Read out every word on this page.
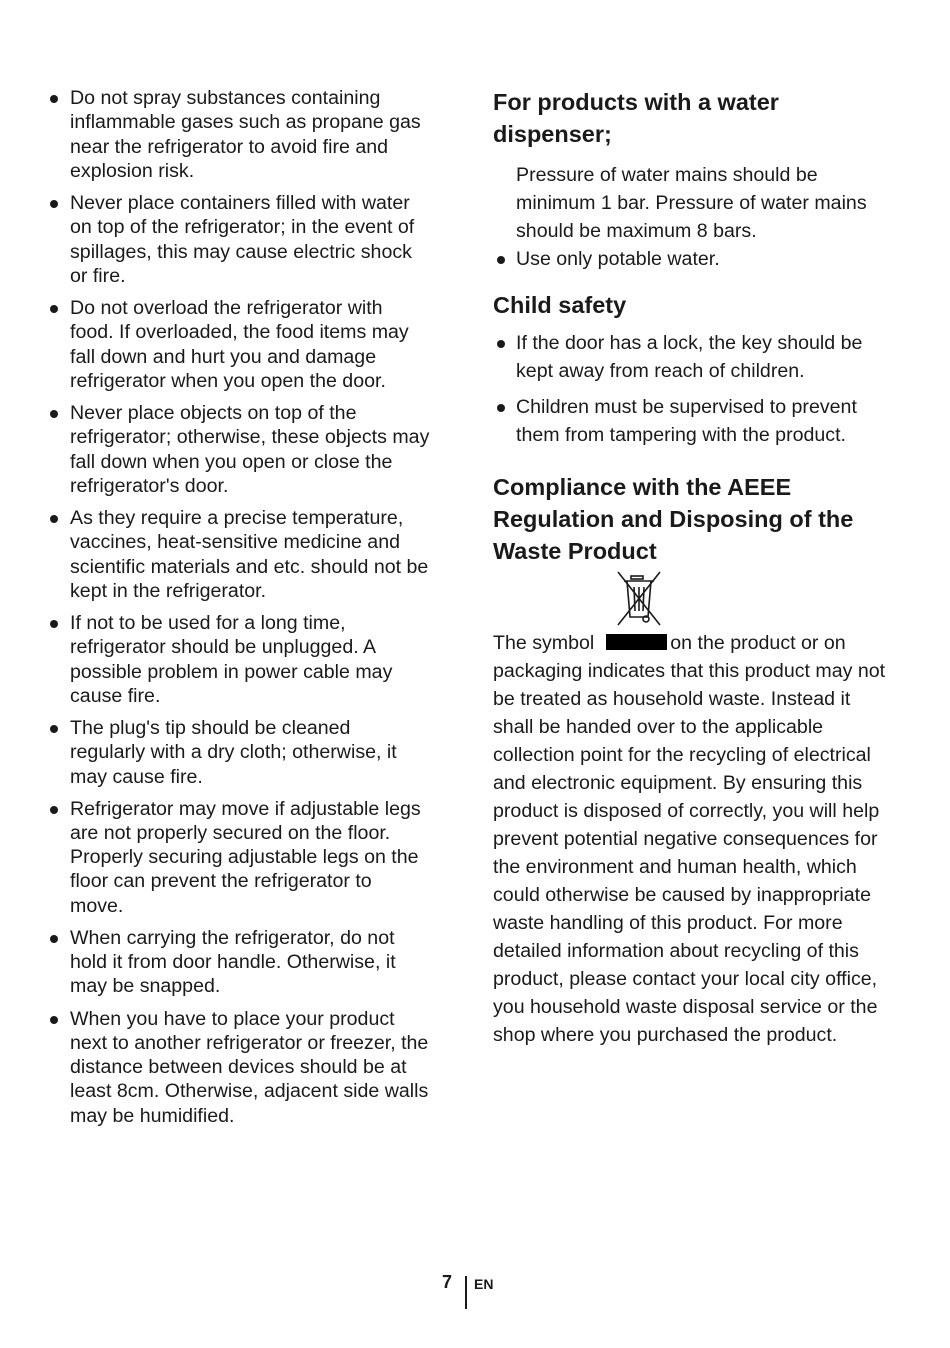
Do not spray substances containing inflammable gases such as propane gas near the refrigerator to avoid fire and explosion risk.
Never place containers filled with water on top of the refrigerator; in the event of spillages, this may cause electric shock or fire.
Do not overload the refrigerator with food. If overloaded, the food items may fall down and hurt you and damage refrigerator when you open the door.
Never place objects on top of the refrigerator; otherwise, these objects may fall down when you open or close the refrigerator's door.
As they require a precise temperature, vaccines, heat-sensitive medicine and scientific materials and etc. should not be kept in the refrigerator.
If not to be used for a long time, refrigerator should be unplugged. A possible problem in power cable may cause fire.
The plug's tip should be cleaned regularly with a dry cloth; otherwise, it may cause fire.
Refrigerator may move if adjustable legs are not properly secured on the floor. Properly securing adjustable legs on the floor can prevent the refrigerator to move.
When carrying the refrigerator, do not hold it from door handle. Otherwise, it may be snapped.
When you have to place your product next to another refrigerator or freezer, the distance between devices should be at least 8cm. Otherwise, adjacent side walls may be humidified.
For products with a water dispenser;

Pressure of water mains should be minimum 1 bar. Pressure of water mains should be maximum 8 bars.

Use only potable water.
Child safety
If the door has a lock, the key should be kept away from reach of children.
Children must be supervised to prevent them from tampering with the product.
Compliance with the AEEE Regulation and Disposing of the Waste Product

The symbol	on the product or on packaging indicates that this product may not be treated as household waste. Instead it shall be handed over to the applicable collection point for the recycling of electrical and electronic equipment. By ensuring this product is disposed of correctly, you will help prevent potential negative consequences for the environment and human health, which could otherwise be caused by inappropriate waste handling of this product. For more detailed information about recycling of this product, please contact your local city office, you household waste disposal service or the shop where you purchased the product.

7 EN
